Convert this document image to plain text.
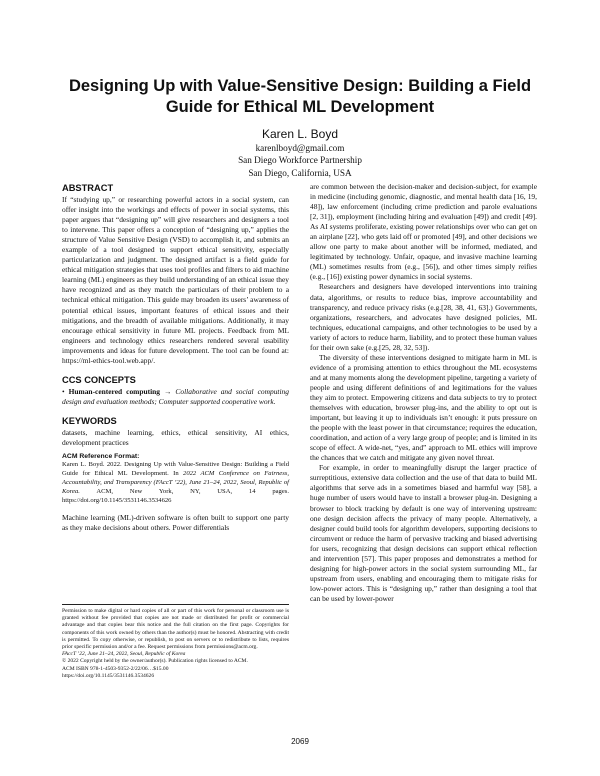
Designing Up with Value-Sensitive Design: Building a Field Guide for Ethical ML Development
Karen L. Boyd
karenlboyd@gmail.com
San Diego Workforce Partnership
San Diego, California, USA
ABSTRACT

If “studying up,” or researching powerful actors in a social system, can offer insight into the workings and effects of power in social systems, this paper argues that “designing up” will give researchers and designers a tool to intervene. This paper offers a conception of “designing up,” applies the structure of Value Sensitive Design (VSD) to accomplish it, and submits an example of a tool designed to support ethical sensitivity, especially particularization and judgment. The designed artifact is a field guide for ethical mitigation strategies that uses tool profiles and filters to aid machine learning (ML) engineers as they build understanding of an ethical issue they have recognized and as they match the particulars of their problem to a technical ethical mitigation. This guide may broaden its users’ awareness of potential ethical issues, important features of ethical issues and their mitigations, and the breadth of available mitigations. Additionally, it may encourage ethical sensitivity in future ML projects. Feedback from ML engineers and technology ethics researchers rendered several usability improvements and ideas for future development. The tool can be found at: https://ml-ethics-tool.web.app/.

CCS CONCEPTS

• Human-centered computing → Collaborative and social computing design and evaluation methods; Computer supported cooperative work.

KEYWORDS

datasets, machine learning, ethics, ethical sensitivity, AI ethics, development practices

ACM Reference Format:

Karen L. Boyd. 2022. Designing Up with Value-Sensitive Design: Building a Field Guide for Ethical ML Development. In 2022 ACM Conference on Fairness, Accountability, and Transparency (FAccT ’22), June 21–24, 2022, Seoul, Republic of Korea. ACM, New York, NY, USA, 14 pages. https://doi.org/10.1145/3531146.3534626

Machine learning (ML)-driven software is often built to support one party as they make decisions about others. Power differentials

Permission to make digital or hard copies of all or part of this work for personal or classroom use is granted without fee provided that copies are not made or distributed for profit or commercial advantage and that copies bear this notice and the full citation on the first page. Copyrights for components of this work owned by others than the author(s) must be honored. Abstracting with credit is permitted. To copy otherwise, or republish, to post on servers or to redistribute to lists, requires prior specific permission and/or a fee. Request permissions from permissions@acm.org.

FAccT ’22, June 21–24, 2022, Seoul, Republic of Korea

© 2022 Copyright held by the owner/author(s). Publication rights licensed to ACM.

ACM ISBN 978-1-4503-9352-2/22/06…$15.00

https://doi.org/10.1145/3531146.3534626

are common between the decision-maker and decision-subject, for example in medicine (including genomic, diagnostic, and mental health data [16, 19, 48]), law enforcement (including crime prediction and parole evaluations [2, 31]), employment (including hiring and evaluation [49]) and credit [49]. As AI systems proliferate, existing power relationships over who can get on an airplane [22], who gets laid off or promoted [49], and other decisions we allow one party to make about another will be informed, mediated, and legitimated by technology. Unfair, opaque, and invasive machine learning (ML) sometimes results from (e.g., [56]), and other times simply reifies (e.g., [16]) existing power dynamics in social systems.

Researchers and designers have developed interventions into training data, algorithms, or results to reduce bias, improve accountability and transparency, and reduce privacy risks (e.g.[28, 38, 41, 63].) Governments, organizations, researchers, and advocates have designed policies, ML techniques, educational campaigns, and other technologies to be used by a variety of actors to reduce harm, liability, and to protect these human values for their own sake (e.g.[25, 28, 32, 53]).

The diversity of these interventions designed to mitigate harm in ML is evidence of a promising attention to ethics throughout the ML ecosystems and at many moments along the development pipeline, targeting a variety of people and using different definitions of and legitimations for the values they aim to protect. Empowering citizens and data subjects to try to protect themselves with education, browser plug-ins, and the ability to opt out is important, but leaving it up to individuals isn’t enough: it puts pressure on the people with the least power in that circumstance; requires the education, coordination, and action of a very large group of people; and is limited in its scope of effect. A wide-net, “yes, and” approach to ML ethics will improve the chances that we catch and mitigate any given novel threat.

For example, in order to meaningfully disrupt the larger practice of surreptitious, extensive data collection and the use of that data to build ML algorithms that serve ads in a sometimes biased and harmful way [58], a huge number of users would have to install a browser plug-in. Designing a browser to block tracking by default is one way of intervening upstream: one design decision affects the privacy of many people. Alternatively, a designer could build tools for algorithm developers, supporting decisions to circumvent or reduce the harm of pervasive tracking and biased advertising for users, recognizing that design decisions can support ethical reflection and intervention [57]. This paper proposes and demonstrates a method for designing for high-power actors in the social system surrounding ML, far upstream from users, enabling and encouraging them to mitigate risks for low-power actors. This is “designing up,” rather than designing a tool that can be used by lower-power

2069
